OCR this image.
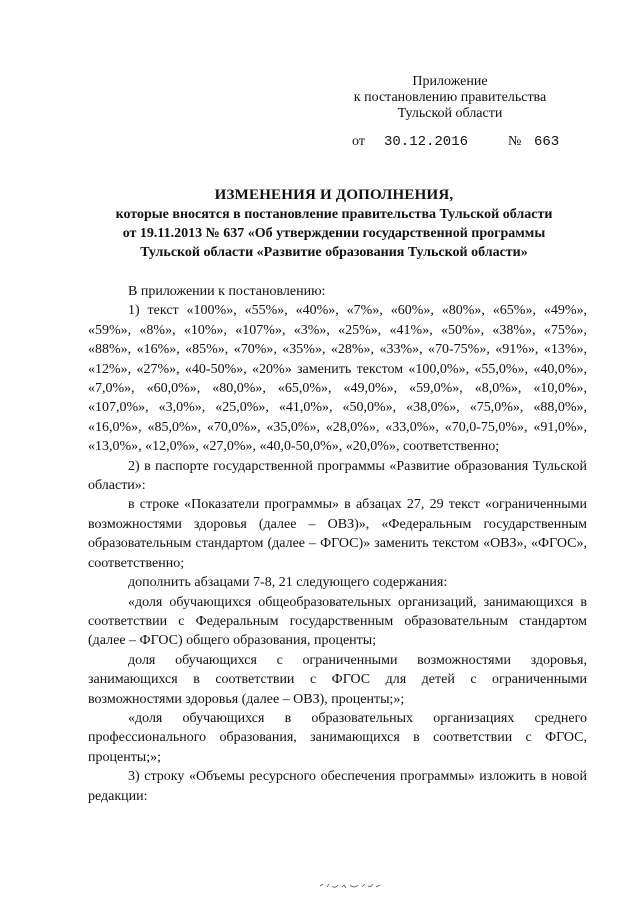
Приложение
к постановлению правительства
Тульской области
от 30.12.2016	№ 663
ИЗМЕНЕНИЯ И ДОПОЛНЕНИЯ,
которые вносятся в постановление правительства Тульской области
от 19.11.2013 № 637 «Об утверждении государственной программы
Тульской области «Развитие образования Тульской области»

В приложении к постановлению:

1) текст «100%», «55%», «40%», «7%», «60%», «80%», «65%», «49%», «59%», «8%», «10%», «107%», «3%», «25%», «41%», «50%», «38%», «75%», «88%», «16%», «85%», «70%», «35%», «28%», «33%», «70-75%», «91%», «13%», «12%», «27%», «40-50%», «20%» заменить текстом «100,0%», «55,0%», «40,0%», «7,0%», «60,0%», «80,0%», «65,0%», «49,0%», «59,0%», «8,0%», «10,0%», «107,0%», «3,0%», «25,0%», «41,0%», «50,0%», «38,0%», «75,0%», «88,0%», «16,0%», «85,0%», «70,0%», «35,0%», «28,0%», «33,0%», «70,0-75,0%», «91,0%», «13,0%», «12,0%», «27,0%», «40,0-50,0%», «20,0%», соответственно;

2) в паспорте государственной программы «Развитие образования Тульской области»:

в строке «Показатели программы» в абзацах 27, 29 текст «ограниченными возможностями здоровья (далее – ОВЗ)», «Федеральным государственным образовательным стандартом (далее – ФГОС)» заменить текстом «ОВЗ», «ФГОС», соответственно;

дополнить абзацами 7-8, 21 следующего содержания:

«доля обучающихся общеобразовательных организаций, занимающихся в соответствии с Федеральным государственным образовательным стандартом (далее – ФГОС) общего образования, проценты;

доля обучающихся с ограниченными возможностями здоровья, занимающихся в соответствии с ФГОС для детей с ограниченными возможностями здоровья (далее – ОВЗ), проценты;»;

«доля обучающихся в образовательных организациях среднего профессионального образования, занимающихся в соответствии с ФГОС, проценты;»;

3) строку «Объемы ресурсного обеспечения программы» изложить в новой редакции:
